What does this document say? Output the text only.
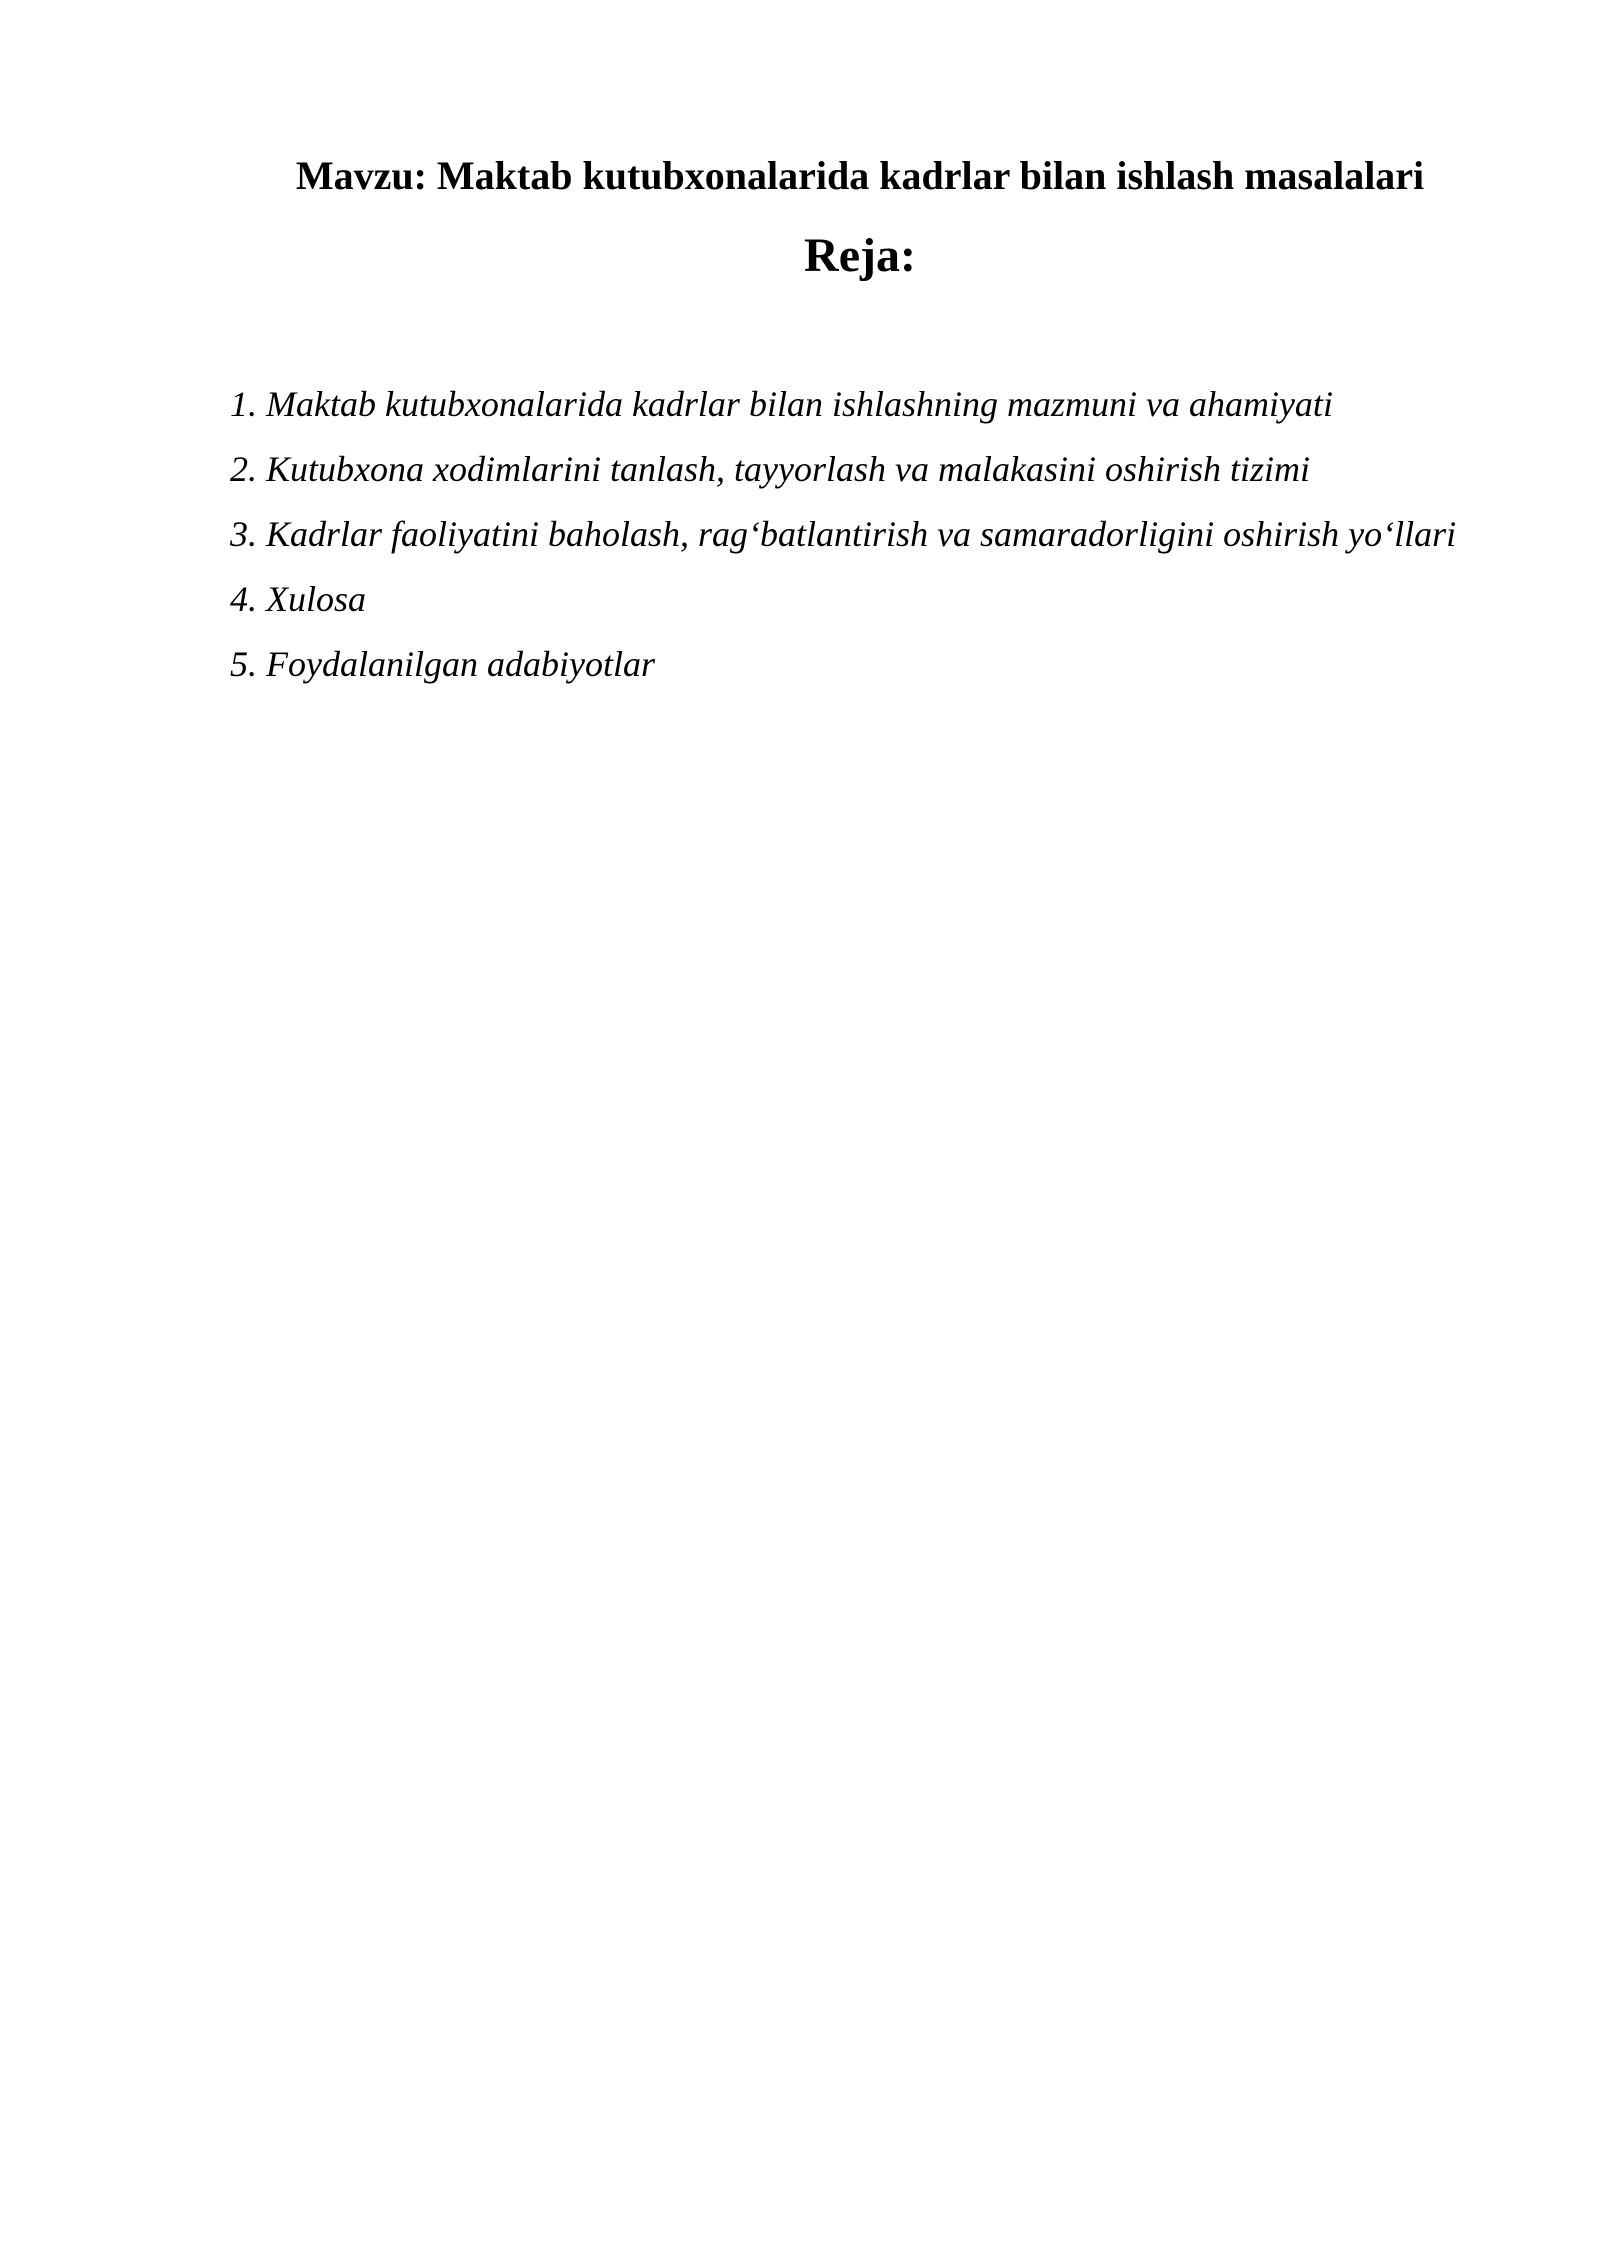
Mavzu: Maktab kutubxonalarida kadrlar bilan ishlash masalalari
Reja:
1. Maktab kutubxonalarida kadrlar bilan ishlashning mazmuni va ahamiyati
2. Kutubxona xodimlarini tanlash, tayyorlash va malakasini oshirish tizimi
3. Kadrlar faoliyatini baholash, rag‘batlantirish va samaradorligini oshirish yo‘llari
4. Xulosa
5. Foydalanilgan adabiyotlar
